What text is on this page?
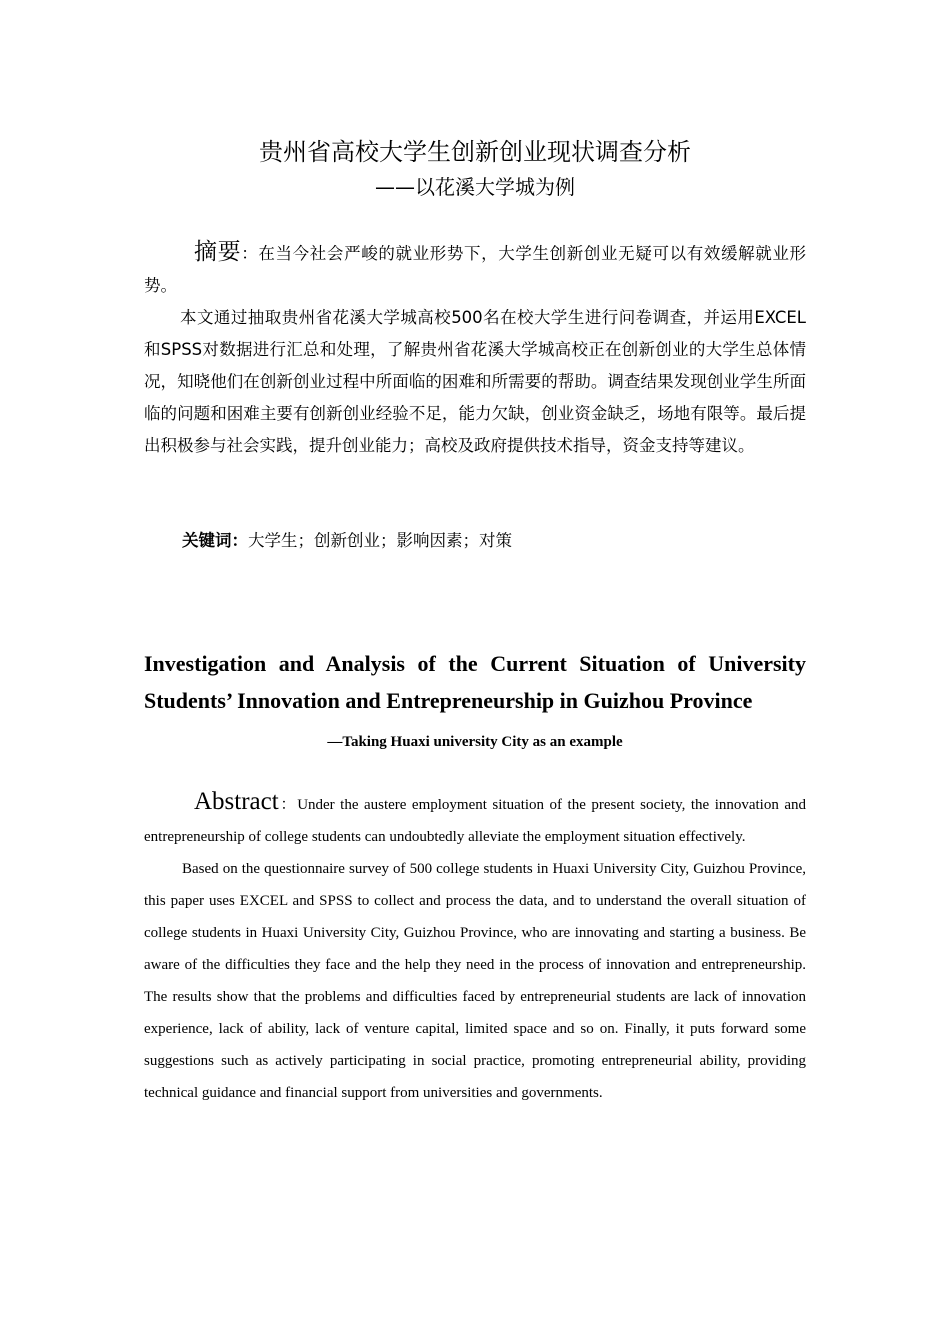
贵州省高校大学生创新创业现状调查分析
——以花溪大学城为例

摘要：在当今社会严峻的就业形势下，大学生创新创业无疑可以有效缓解就业形势。

本文通过抽取贵州省花溪大学城高校500名在校大学生进行问卷调查，并运用EXCEL和SPSS对数据进行汇总和处理，了解贵州省花溪大学城高校正在创新创业的大学生总体情况，知晓他们在创新创业过程中所面临的困难和所需要的帮助。调查结果发现创业学生所面临的问题和困难主要有创新创业经验不足，能力欠缺，创业资金缺乏，场地有限等。最后提出积极参与社会实践，提升创业能力；高校及政府提供技术指导，资金支持等建议。

关键词：大学生；创新创业；影响因素；对策
Investigation and Analysis of the Current Situation of University
Students’ Innovation and Entrepreneurship in Guizhou Province
—Taking Huaxi university City as an example

Abstract：Under the austere employment situation of the present society, the innovation and entrepreneurship of college students can undoubtedly alleviate the employment situation effectively.

Based on the questionnaire survey of 500 college students in Huaxi University City, Guizhou Province, this paper uses EXCEL and SPSS to collect and process the data, and to understand the overall situation of college students in Huaxi University City, Guizhou Province, who are innovating and starting a business. Be aware of the difficulties they face and the help they need in the process of innovation and entrepreneurship. The results show that the problems and difficulties faced by entrepreneurial students are lack of innovation experience, lack of ability, lack of venture capital, limited space and so on. Finally, it puts forward some suggestions such as actively participating in social practice, promoting entrepreneurial ability, providing technical guidance and financial support from universities and governments.
